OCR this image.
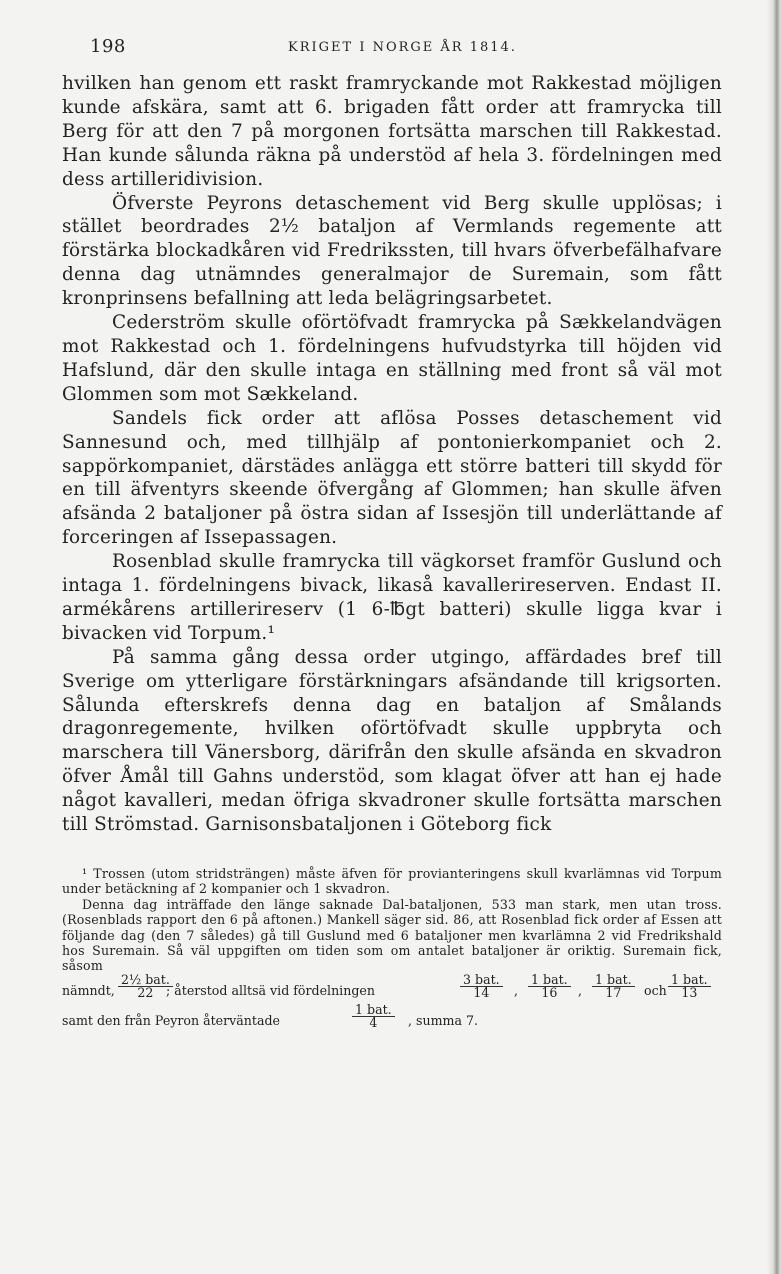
198	KRIGET I NORGE ÅR 1814.

hvilken han genom ett raskt framryckande mot Rakkestad möjligen kunde afskära, samt att 6. brigaden fått order att framrycka till Berg för att den 7 på morgonen fortsätta marschen till Rakkestad. Han kunde sålunda räkna på understöd af hela 3. fördelningen med dess artilleridivision.

Öfverste Peyrons detaschement vid Berg skulle upplösas; i stället beordrades 2½ bataljon af Vermlands regemente att förstärka blockadkåren vid Fredrikssten, till hvars öfverbefälhafvare denna dag utnämndes generalmajor de Suremain, som fått kronprinsens befallning att leda belägringsarbetet.

Cederström skulle oförtöfvadt framrycka på Sækkelandvägen mot Rakkestad och 1. fördelningens hufvudstyrka till höjden vid Hafslund, där den skulle intaga en ställning med front så väl mot Glommen som mot Sækkeland.

Sandels fick order att aflösa Posses detaschement vid Sannesund och, med tillhjälp af pontonierkompaniet och 2. sappörkompaniet, därstädes anlägga ett större batteri till skydd för en till äfventyrs skeende öfvergång af Glommen; han skulle äfven afsända 2 bataljoner på östra sidan af Issesjön till underlättande af forceringen af Issepassagen.

Rosenblad skulle framrycka till vägkorset framför Guslund och intaga 1. fördelningens bivack, likaså kavallerireserven. Endast II. armékårens artillerireserv (1 6-℔gt batteri) skulle ligga kvar i bivacken vid Torpum.¹

På samma gång dessa order utgingo, affärdades bref till Sverige om ytterligare förstärkningars afsändande till krigsorten. Sålunda efterskrefs denna dag en bataljon af Smålands dragonregemente, hvilken oförtöfvadt skulle uppbryta och marschera till Vänersborg, därifrån den skulle afsända en skvadron öfver Åmål till Gahns understöd, som klagat öfver att han ej hade något kavalleri, medan öfriga skvadroner skulle fortsätta marschen till Strömstad. Garnisonsbataljonen i Göteborg fick

¹ Trossen (utom stridsträngen) måste äfven för provianteringens skull kvarlämnas vid Torpum under betäckning af 2 kompanier och 1 skvadron.

Denna dag inträffade den länge saknade Dal-bataljonen, 533 man stark, men utan tross. (Rosenblads rapport den 6 på aftonen.) Mankell säger sid. 86, att Rosenblad fick order af Essen att följande dag (den 7 således) gå till Guslund med 6 bataljoner men kvarlämna 2 vid Fredrikshald hos Suremain. Så väl uppgiften om tiden som om antalet bataljoner är oriktig. Suremain fick, såsom

nämndt,
2½ bat.
22 ; återstod alltsä vid fördelningen
3 bat.
14	,
1 bat.
16	,
1 bat.
17	och
1 bat.
13
samt den från Peyron återväntade
1 bat.
4	, summa 7.
